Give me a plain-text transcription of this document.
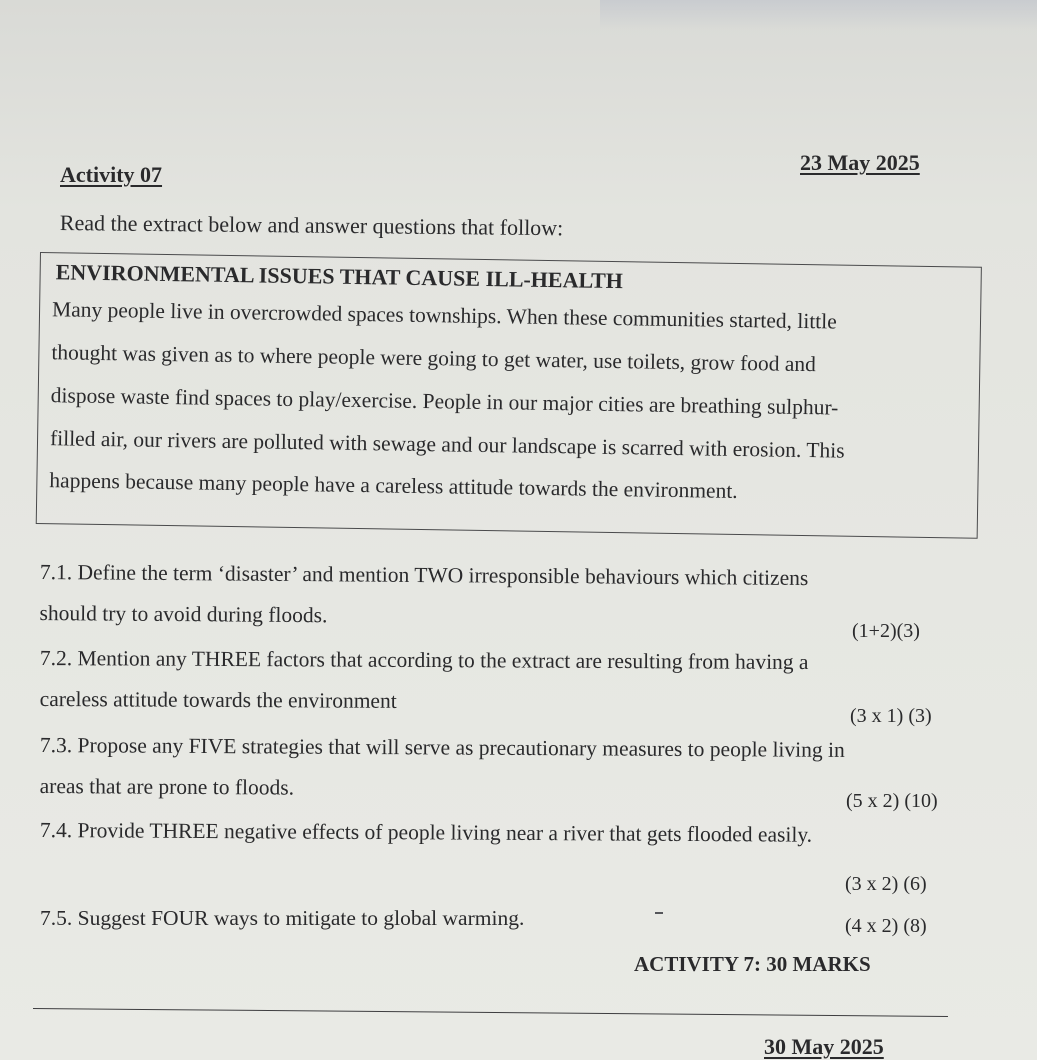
Activity 07	23 May 2025
Read the extract below and answer questions that follow:
ENVIRONMENTAL ISSUES THAT CAUSE ILL-HEALTH
Many people live in overcrowded spaces townships. When these communities started, little
thought was given as to where people were going to get water, use toilets, grow food and
dispose waste find spaces to play/exercise. People in our major cities are breathing sulphur-
filled air, our rivers are polluted with sewage and our landscape is scarred with erosion. This
happens because many people have a careless attitude towards the environment.
7.1. Define the term ‘disaster’ and mention TWO irresponsible behaviours which citizens
should try to avoid during floods.
(1+2)(3)
7.2. Mention any THREE factors that according to the extract are resulting from having a
careless attitude towards the environment
(3 x 1) (3)
7.3. Propose any FIVE strategies that will serve as precautionary measures to people living in
areas that are prone to floods.
(5 x 2) (10)
7.4. Provide THREE negative effects of people living near a river that gets flooded easily.
(3 x 2) (6)
7.5. Suggest FOUR ways to mitigate to global warming.	(4 x 2) (8)
ACTIVITY 7: 30 MARKS
30 May 2025
